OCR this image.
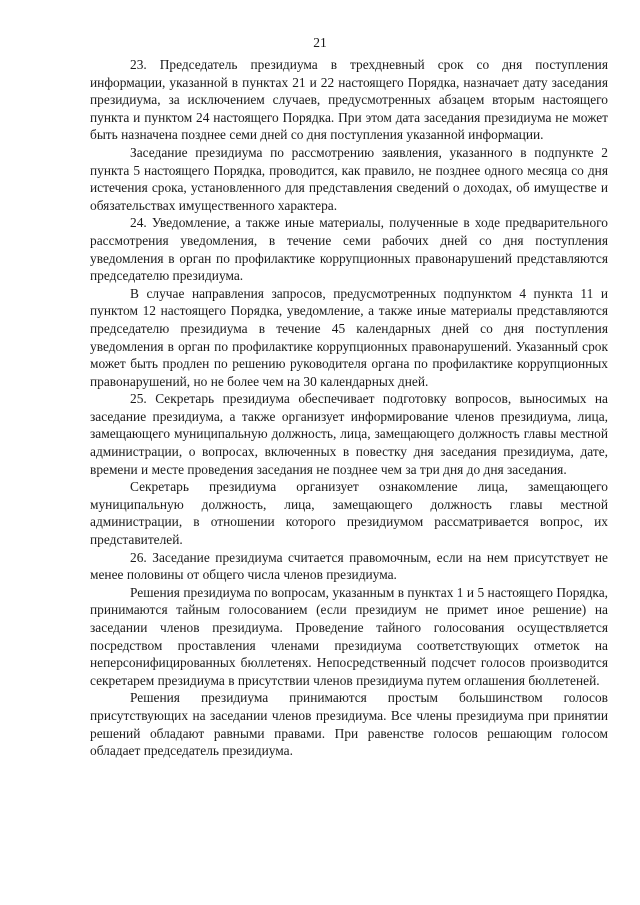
21

23. Председатель президиума в трехдневный срок со дня поступления информации, указанной в пунктах 21 и 22 настоящего Порядка, назначает дату заседания президиума, за исключением случаев, предусмотренных абзацем вторым настоящего пункта и пунктом 24 настоящего Порядка. При этом дата заседания президиума не может быть назначена позднее семи дней со дня поступления указанной информации.

Заседание президиума по рассмотрению заявления, указанного в подпункте 2 пункта 5 настоящего Порядка, проводится, как правило, не позднее одного месяца со дня истечения срока, установленного для представления сведений о доходах, об имуществе и обязательствах имущественного характера.

24. Уведомление, а также иные материалы, полученные в ходе предварительного рассмотрения уведомления, в течение семи рабочих дней со дня поступления уведомления в орган по профилактике коррупционных правонарушений представляются председателю президиума.

В случае направления запросов, предусмотренных подпунктом 4 пункта 11 и пунктом 12 настоящего Порядка, уведомление, а также иные материалы представляются председателю президиума в течение 45 календарных дней со дня поступления уведомления в орган по профилактике коррупционных правонарушений. Указанный срок может быть продлен по решению руководителя органа по профилактике коррупционных правонарушений, но не более чем на 30 календарных дней.

25. Секретарь президиума обеспечивает подготовку вопросов, выносимых на заседание президиума, а также организует информирование членов президиума, лица, замещающего муниципальную должность, лица, замещающего должность главы местной администрации, о вопросах, включенных в повестку дня заседания президиума, дате, времени и месте проведения заседания не позднее чем за три дня до дня заседания.

Секретарь президиума организует ознакомление лица, замещающего муниципальную должность, лица, замещающего должность главы местной администрации, в отношении которого президиумом рассматривается вопрос, их представителей.

26. Заседание президиума считается правомочным, если на нем присутствует не менее половины от общего числа членов президиума.

Решения президиума по вопросам, указанным в пунктах 1 и 5 настоящего Порядка, принимаются тайным голосованием (если президиум не примет иное решение) на заседании членов президиума. Проведение тайного голосования осуществляется посредством проставления членами президиума соответствующих отметок на неперсонифицированных бюллетенях. Непосредственный подсчет голосов производится секретарем президиума в присутствии членов президиума путем оглашения бюллетеней.

Решения президиума принимаются простым большинством голосов присутствующих на заседании членов президиума. Все члены президиума при принятии решений обладают равными правами. При равенстве голосов решающим голосом обладает председатель президиума.
